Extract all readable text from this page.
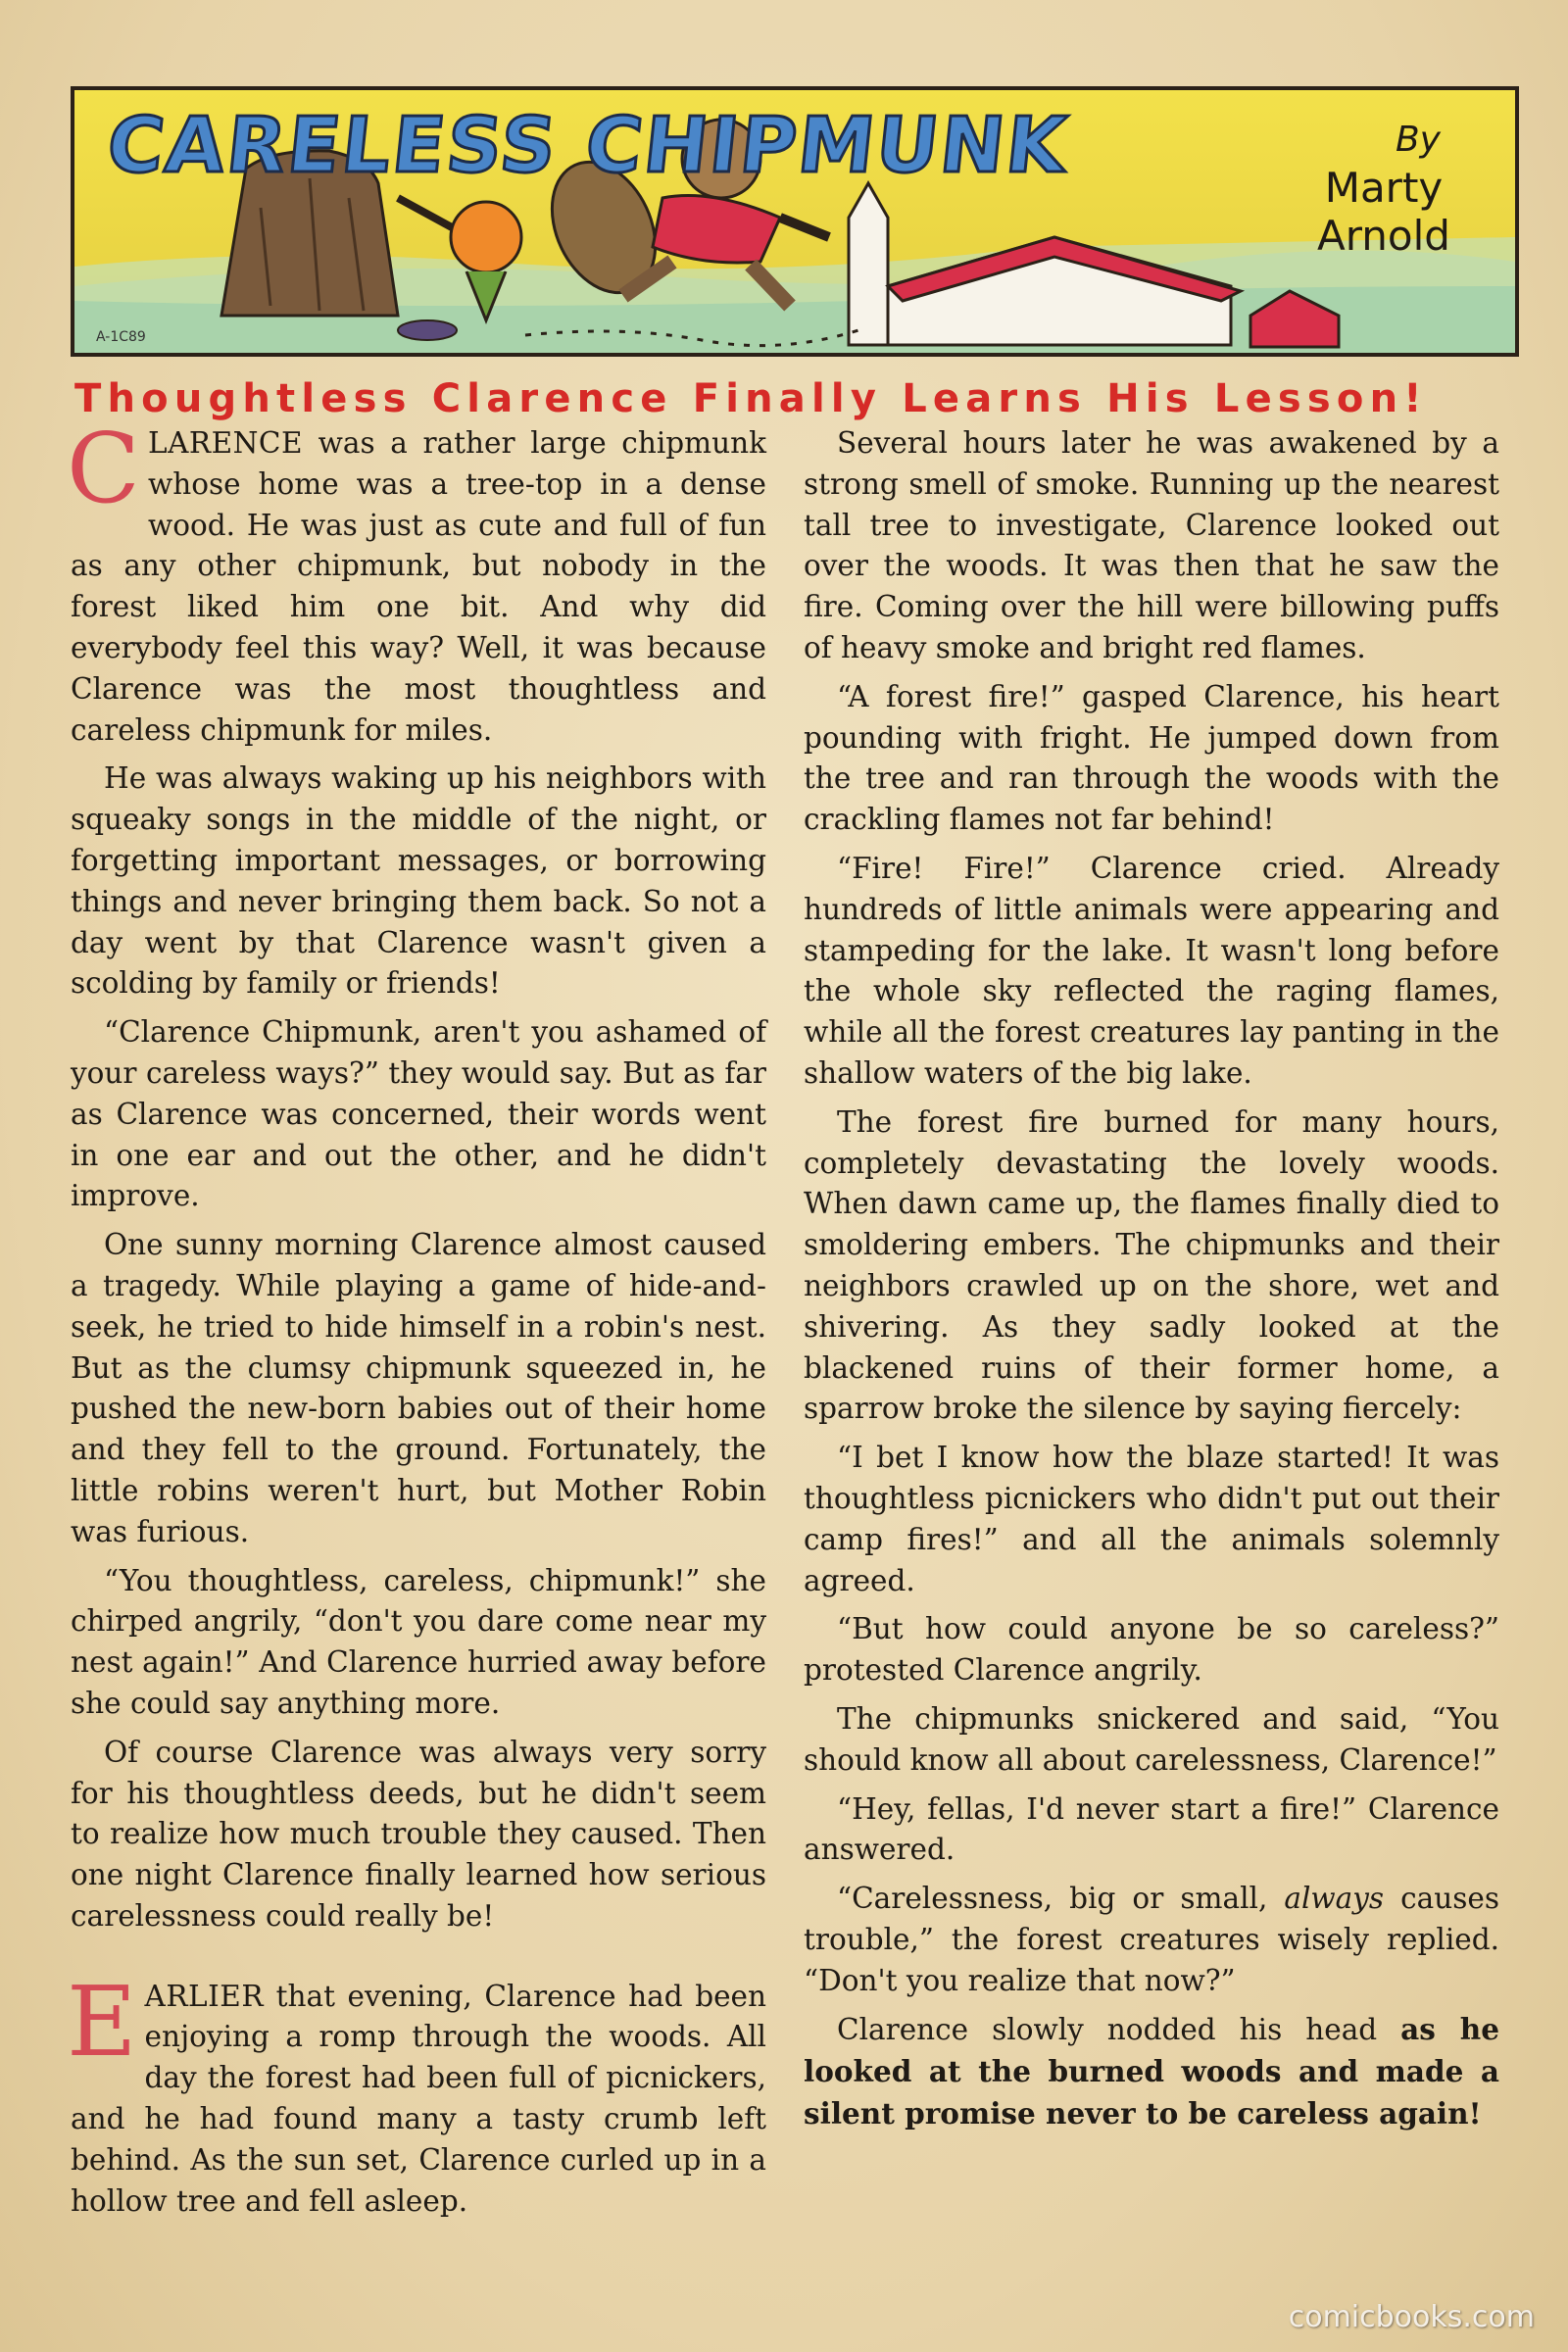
CARELESS CHIPMUNK	By
Marty Arnold
A-1C89
Thoughtless Clarence Finally Learns His Lesson!

CLARENCE was a rather large chipmunk whose home was a tree-top in a dense wood. He was just as cute and full of fun as any other chipmunk, but nobody in the forest liked him one bit. And why did everybody feel this way? Well, it was because Clarence was the most thoughtless and careless chipmunk for miles.

He was always waking up his neighbors with squeaky songs in the middle of the night, or forgetting important messages, or borrowing things and never bringing them back. So not a day went by that Clarence wasn't given a scolding by family or friends!

“Clarence Chipmunk, aren't you ashamed of your careless ways?” they would say. But as far as Clarence was concerned, their words went in one ear and out the other, and he didn't improve.

One sunny morning Clarence almost caused a tragedy. While playing a game of hide-and-seek, he tried to hide himself in a robin's nest. But as the clumsy chipmunk squeezed in, he pushed the new-born babies out of their home and they fell to the ground. Fortunately, the little robins weren't hurt, but Mother Robin was furious.

“You thoughtless, careless, chipmunk!” she chirped angrily, “don't you dare come near my nest again!” And Clarence hurried away before she could say anything more.

Of course Clarence was always very sorry for his thoughtless deeds, but he didn't seem to realize how much trouble they caused. Then one night Clarence finally learned how serious carelessness could really be!

EARLIER that evening, Clarence had been enjoying a romp through the woods. All day the forest had been full of picnickers, and he had found many a tasty crumb left behind. As the sun set, Clarence curled up in a hollow tree and fell asleep.

Several hours later he was awakened by a strong smell of smoke. Running up the nearest tall tree to investigate, Clarence looked out over the woods. It was then that he saw the fire. Coming over the hill were billowing puffs of heavy smoke and bright red flames.

“A forest fire!” gasped Clarence, his heart pounding with fright. He jumped down from the tree and ran through the woods with the crackling flames not far behind!

“Fire! Fire!” Clarence cried. Already hundreds of little animals were appearing and stampeding for the lake. It wasn't long before the whole sky reflected the raging flames, while all the forest creatures lay panting in the shallow waters of the big lake.

The forest fire burned for many hours, completely devastating the lovely woods. When dawn came up, the flames finally died to smoldering embers. The chipmunks and their neighbors crawled up on the shore, wet and shivering. As they sadly looked at the blackened ruins of their former home, a sparrow broke the silence by saying fiercely:

“I bet I know how the blaze started! It was thoughtless picnickers who didn't put out their camp fires!” and all the animals solemnly agreed.

“But how could anyone be so careless?” protested Clarence angrily.

The chipmunks snickered and said, “You should know all about carelessness, Clarence!”

“Hey, fellas, I'd never start a fire!” Clarence answered.

“Carelessness, big or small, always causes trouble,” the forest creatures wisely replied. “Don't you realize that now?”

Clarence slowly nodded his head as he looked at the burned woods and made a silent promise never to be careless again!

comicbooks.com
